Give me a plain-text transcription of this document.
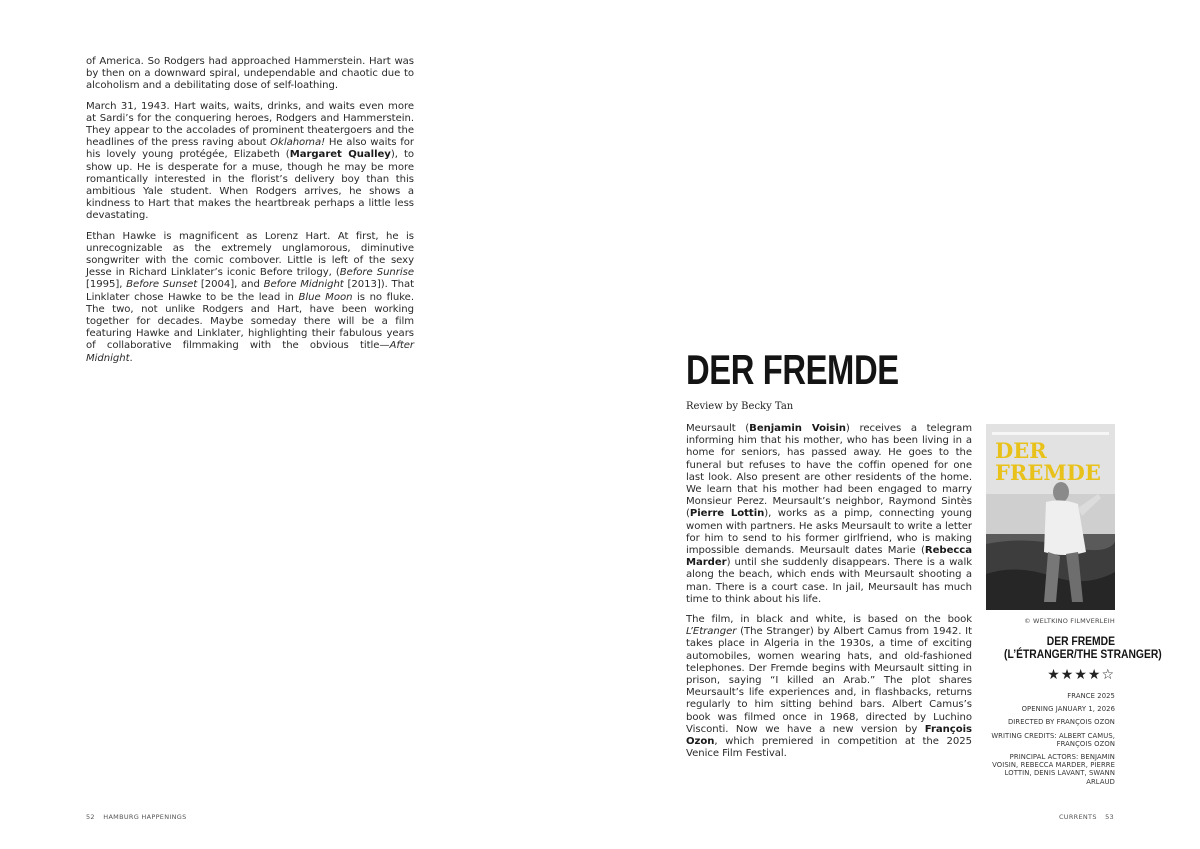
of America. So Rodgers had approached Hammerstein. Hart was by then on a downward spiral, undependable and chaotic due to alcoholism and a debilitating dose of self-loathing.

March 31, 1943. Hart waits, waits, drinks, and waits even more at Sardi’s for the conquering heroes, Rodgers and Hammerstein. They appear to the accolades of prominent theatergoers and the headlines of the press raving about Oklahoma! He also waits for his lovely young protégée, Elizabeth (Margaret Qualley), to show up. He is desperate for a muse, though he may be more romantically interested in the florist’s delivery boy than this ambitious Yale student. When Rodgers arrives, he shows a kindness to Hart that makes the heartbreak perhaps a little less devastating.

Ethan Hawke is magnificent as Lorenz Hart. At first, he is unrecognizable as the extremely unglamorous, diminutive songwriter with the comic combover. Little is left of the sexy Jesse in Richard Linklater’s iconic Before trilogy, (Before Sunrise [1995], Before Sunset [2004], and Before Midnight [2013]). That Linklater chose Hawke to be the lead in Blue Moon is no fluke. The two, not unlike Rodgers and Hart, have been working together for decades. Maybe someday there will be a film featuring Hawke and Linklater, highlighting their fabulous years of collaborative filmmaking with the obvious title—After Midnight.

52 HAMBURG HAPPENINGS
DER FREMDE
Review by Becky Tan

Meursault (Benjamin Voisin) receives a telegram informing him that his mother, who has been living in a home for seniors, has passed away. He goes to the funeral but refuses to have the coffin opened for one last look. Also present are other residents of the home. We learn that his mother had been engaged to marry Monsieur Perez. Meursault’s neighbor, Raymond Sintès (Pierre Lottin), works as a pimp, connecting young women with partners. He asks Meursault to write a letter for him to send to his former girlfriend, who is making impossible demands. Meursault dates Marie (Rebecca Marder) until she suddenly disappears. There is a walk along the beach, which ends with Meursault shooting a man. There is a court case. In jail, Meursault has much time to think about his life.

The film, in black and white, is based on the book L’Etranger (The Stranger) by Albert Camus from 1942. It takes place in Algeria in the 1930s, a time of exciting automobiles, women wearing hats, and old-fashioned telephones. Der Fremde begins with Meursault sitting in prison, saying “I killed an Arab.” The plot shares Meursault’s life experiences and, in flashbacks, returns regularly to him sitting behind bars. Albert Camus’s book was filmed once in 1968, directed by Luchino Visconti. Now we have a new version by François Ozon, which premiered in competition at the 2025 Venice Film Festival.

DER
FREMDE
© WELTKINO FILMVERLEIH
DER FREMDE
(L’ÉTRANGER/THE STRANGER)
★★★★☆
FRANCE 2025
OPENING JANUARY 1, 2026
DIRECTED BY FRANÇOIS OZON
WRITING CREDITS: ALBERT CAMUS, FRANÇOIS OZON
PRINCIPAL ACTORS: BENJAMIN VOISIN, REBECCA MARDER, PIERRE LOTTIN, DENIS LAVANT, SWANN ARLAUD
CURRENTS 53
